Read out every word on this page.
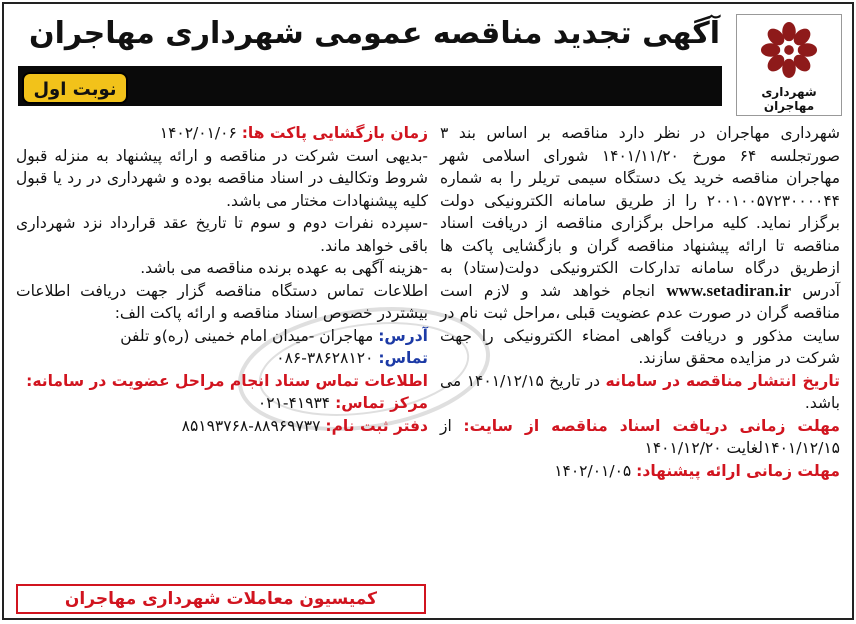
شهرداری مهاجران
آگهی تجدید مناقصه عمومی شهرداری مهاجران
نوبت اول

شهرداری مهاجران در نظر دارد مناقصه بر اساس بند ۳ صورتجلسه ۶۴ مورخ ۱۴۰۱/۱۱/۲۰ شورای اسلامی شهر مهاجران مناقصه خرید یک دستگاه سیمی تریلر را به شماره ۲۰۰۱۰۰۵۷۲۳۰۰۰۰۴۴ را از طریق سامانه الکترونیکی دولت برگزار نماید. کلیه مراحل برگزاری مناقصه از دریافت اسناد مناقصه تا ارائه پیشنهاد مناقصه گران و بازگشایی پاکت ها ازطریق درگاه سامانه تدارکات الکترونیکی دولت(ستاد) به آدرس www.setadiran.ir انجام خواهد شد و لازم است مناقصه گران در صورت عدم عضویت قبلی ،مراحل ثبت نام در سایت مذکور و دریافت گواهی امضاء الکترونیکی را جهت شرکت در مزایده محقق سازند.

تاریخ انتشار مناقصه در سامانه در تاریخ ۱۴۰۱/۱۲/۱۵ می باشد.

مهلت زمانی دریافت اسناد مناقصه از سایت: از ۱۴۰۱/۱۲/۱۵لغایت ۱۴۰۱/۱۲/۲۰

مهلت زمانی ارائه پیشنهاد: ۱۴۰۲/۰۱/۰۵

زمان بازگشایی پاکت ها: ۱۴۰۲/۰۱/۰۶

-بدیهی است شرکت در مناقصه و ارائه پیشنهاد به منزله قبول شروط وتکالیف در اسناد مناقصه بوده و شهرداری در رد یا قبول کلیه پیشنهادات مختار می باشد.

-سپرده نفرات دوم و سوم تا تاریخ عقد قرارداد نزد شهرداری باقی خواهد ماند.

-هزینه آگهی به عهده برنده مناقصه می باشد.

اطلاعات تماس دستگاه مناقصه گزار جهت دریافت اطلاعات بیشتردر خصوص اسناد مناقصه و ارائه پاکت الف:

آدرس: مهاجران -میدان امام خمینی (ره)و تلفن

تماس: ۳۸۶۲۸۱۲۰-۰۸۶

اطلاعات تماس ستاد انجام مراحل عضویت در سامانه:

مرکز تماس: ۴۱۹۳۴-۰۲۱

دفتر ثبت نام: ۸۸۹۶۹۷۳۷-۸۵۱۹۳۷۶۸

کمیسیون معاملات شهرداری مهاجران
